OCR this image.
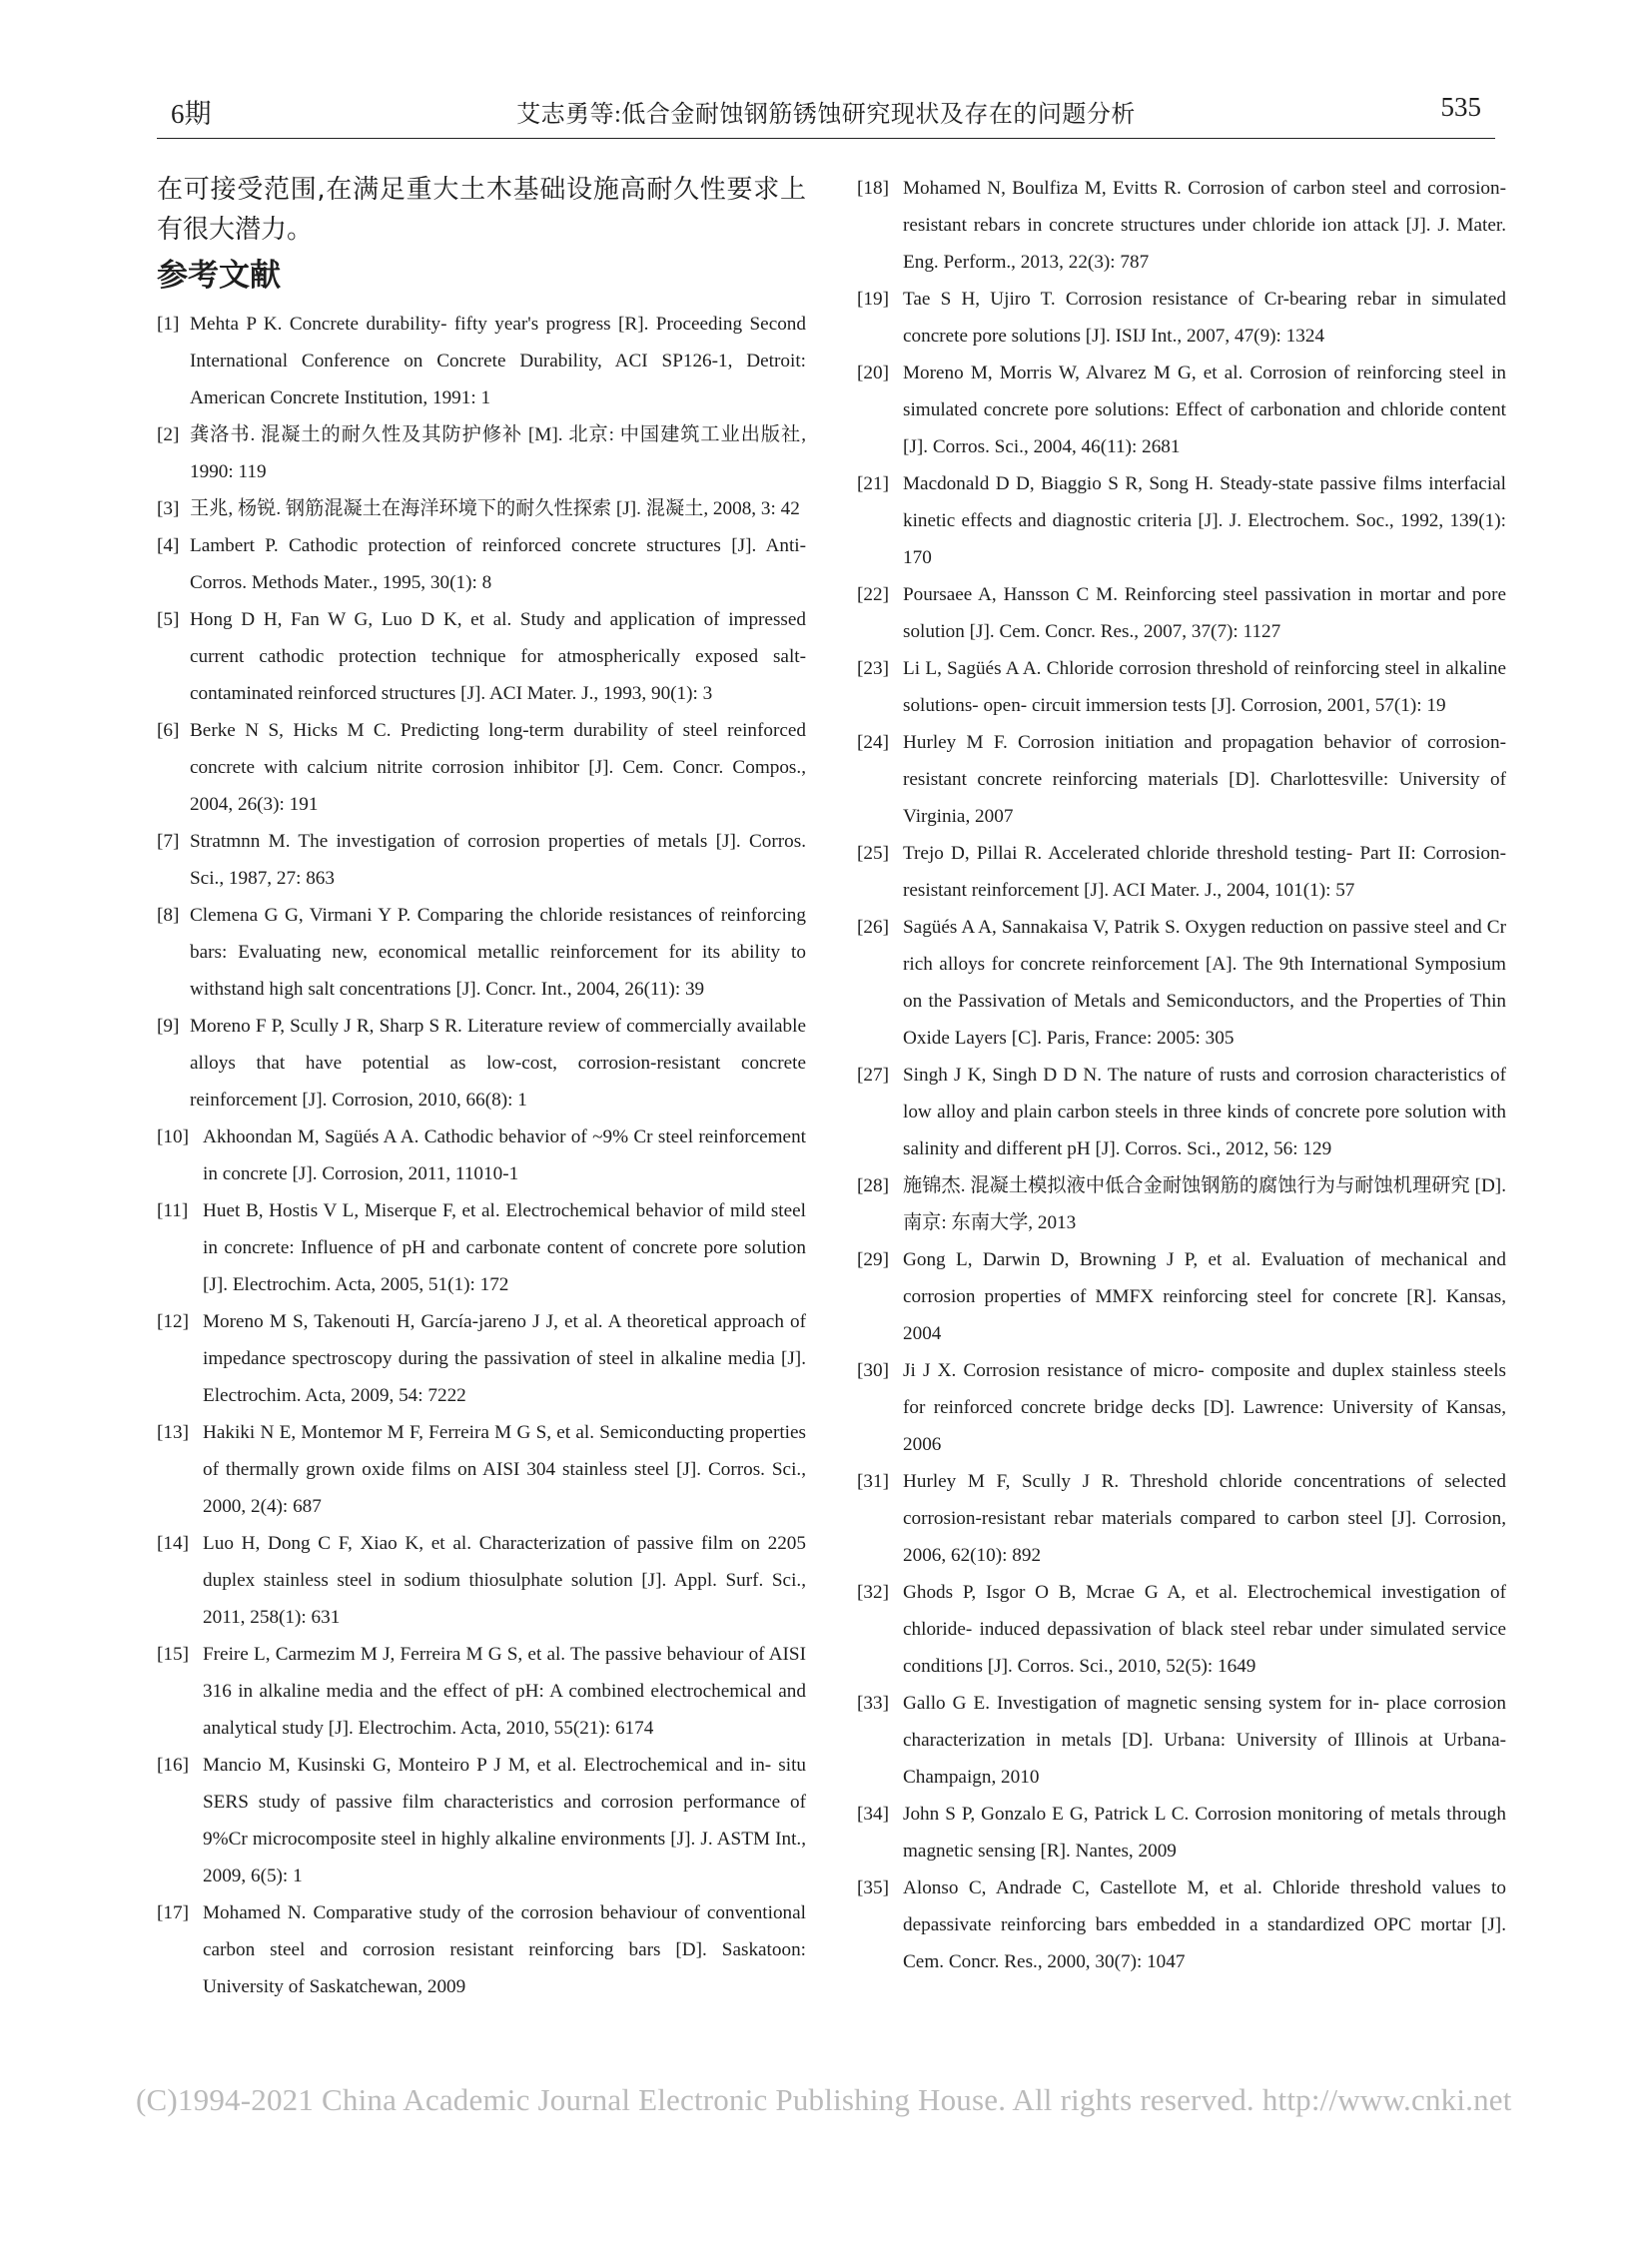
6期	艾志勇等:低合金耐蚀钢筋锈蚀研究现状及存在的问题分析	535

在可接受范围,在满足重大土木基础设施高耐久性要求上有很大潜力。

参考文献
[1] Mehta P K. Concrete durability- fifty year's progress [R]. Proceeding Second International Conference on Concrete Durability, ACI SP126-1, Detroit: American Concrete Institution, 1991: 1
[2] 龚洛书. 混凝土的耐久性及其防护修补 [M]. 北京: 中国建筑工业出版社, 1990: 119
[3] 王兆, 杨锐. 钢筋混凝土在海洋环境下的耐久性探索 [J]. 混凝土, 2008, 3: 42
[4] Lambert P. Cathodic protection of reinforced concrete structures [J]. Anti-Corros. Methods Mater., 1995, 30(1): 8
[5] Hong D H, Fan W G, Luo D K, et al. Study and application of impressed current cathodic protection technique for atmospherically exposed salt- contaminated reinforced structures [J]. ACI Mater. J., 1993, 90(1): 3
[6] Berke N S, Hicks M C. Predicting long-term durability of steel reinforced concrete with calcium nitrite corrosion inhibitor [J]. Cem. Concr. Compos., 2004, 26(3): 191
[7] Stratmnn M. The investigation of corrosion properties of metals [J]. Corros. Sci., 1987, 27: 863
[8] Clemena G G, Virmani Y P. Comparing the chloride resistances of reinforcing bars: Evaluating new, economical metallic reinforcement for its ability to withstand high salt concentrations [J]. Concr. Int., 2004, 26(11): 39
[9] Moreno F P, Scully J R, Sharp S R. Literature review of commercially available alloys that have potential as low-cost, corrosion-resistant concrete reinforcement [J]. Corrosion, 2010, 66(8): 1
[10] Akhoondan M, Sagüés A A. Cathodic behavior of ~9% Cr steel reinforcement in concrete [J]. Corrosion, 2011, 11010-1
[11] Huet B, Hostis V L, Miserque F, et al. Electrochemical behavior of mild steel in concrete: Influence of pH and carbonate content of concrete pore solution [J]. Electrochim. Acta, 2005, 51(1): 172
[12] Moreno M S, Takenouti H, García-jareno J J, et al. A theoretical approach of impedance spectroscopy during the passivation of steel in alkaline media [J]. Electrochim. Acta, 2009, 54: 7222
[13] Hakiki N E, Montemor M F, Ferreira M G S, et al. Semiconducting properties of thermally grown oxide films on AISI 304 stainless steel [J]. Corros. Sci., 2000, 2(4): 687
[14] Luo H, Dong C F, Xiao K, et al. Characterization of passive film on 2205 duplex stainless steel in sodium thiosulphate solution [J]. Appl. Surf. Sci., 2011, 258(1): 631
[15] Freire L, Carmezim M J, Ferreira M G S, et al. The passive behaviour of AISI 316 in alkaline media and the effect of pH: A combined electrochemical and analytical study [J]. Electrochim. Acta, 2010, 55(21): 6174
[16] Mancio M, Kusinski G, Monteiro P J M, et al. Electrochemical and in- situ SERS study of passive film characteristics and corrosion performance of 9%Cr microcomposite steel in highly alkaline environments [J]. J. ASTM Int., 2009, 6(5): 1
[17] Mohamed N. Comparative study of the corrosion behaviour of conventional carbon steel and corrosion resistant reinforcing bars [D]. Saskatoon: University of Saskatchewan, 2009
[18] Mohamed N, Boulfiza M, Evitts R. Corrosion of carbon steel and corrosion- resistant rebars in concrete structures under chloride ion attack [J]. J. Mater. Eng. Perform., 2013, 22(3): 787
[19] Tae S H, Ujiro T. Corrosion resistance of Cr-bearing rebar in simulated concrete pore solutions [J]. ISIJ Int., 2007, 47(9): 1324
[20] Moreno M, Morris W, Alvarez M G, et al. Corrosion of reinforcing steel in simulated concrete pore solutions: Effect of carbonation and chloride content [J]. Corros. Sci., 2004, 46(11): 2681
[21] Macdonald D D, Biaggio S R, Song H. Steady-state passive films interfacial kinetic effects and diagnostic criteria [J]. J. Electrochem. Soc., 1992, 139(1): 170
[22] Poursaee A, Hansson C M. Reinforcing steel passivation in mortar and pore solution [J]. Cem. Concr. Res., 2007, 37(7): 1127
[23] Li L, Sagüés A A. Chloride corrosion threshold of reinforcing steel in alkaline solutions- open- circuit immersion tests [J]. Corrosion, 2001, 57(1): 19
[24] Hurley M F. Corrosion initiation and propagation behavior of corrosion-resistant concrete reinforcing materials [D]. Charlottesville: University of Virginia, 2007
[25] Trejo D, Pillai R. Accelerated chloride threshold testing- Part II: Corrosion-resistant reinforcement [J]. ACI Mater. J., 2004, 101(1): 57
[26] Sagüés A A, Sannakaisa V, Patrik S. Oxygen reduction on passive steel and Cr rich alloys for concrete reinforcement [A]. The 9th International Symposium on the Passivation of Metals and Semiconductors, and the Properties of Thin Oxide Layers [C]. Paris, France: 2005: 305
[27] Singh J K, Singh D D N. The nature of rusts and corrosion characteristics of low alloy and plain carbon steels in three kinds of concrete pore solution with salinity and different pH [J]. Corros. Sci., 2012, 56: 129
[28] 施锦杰. 混凝土模拟液中低合金耐蚀钢筋的腐蚀行为与耐蚀机理研究 [D]. 南京: 东南大学, 2013
[29] Gong L, Darwin D, Browning J P, et al. Evaluation of mechanical and corrosion properties of MMFX reinforcing steel for concrete [R]. Kansas, 2004
[30] Ji J X. Corrosion resistance of micro- composite and duplex stainless steels for reinforced concrete bridge decks [D]. Lawrence: University of Kansas, 2006
[31] Hurley M F, Scully J R. Threshold chloride concentrations of selected corrosion-resistant rebar materials compared to carbon steel [J]. Corrosion, 2006, 62(10): 892
[32] Ghods P, Isgor O B, Mcrae G A, et al. Electrochemical investigation of chloride- induced depassivation of black steel rebar under simulated service conditions [J]. Corros. Sci., 2010, 52(5): 1649
[33] Gallo G E. Investigation of magnetic sensing system for in- place corrosion characterization in metals [D]. Urbana: University of Illinois at Urbana-Champaign, 2010
[34] John S P, Gonzalo E G, Patrick L C. Corrosion monitoring of metals through magnetic sensing [R]. Nantes, 2009
[35] Alonso C, Andrade C, Castellote M, et al. Chloride threshold values to depassivate reinforcing bars embedded in a standardized OPC mortar [J]. Cem. Concr. Res., 2000, 30(7): 1047
(C)1994-2021 China Academic Journal Electronic Publishing House. All rights reserved. http://www.cnki.net
